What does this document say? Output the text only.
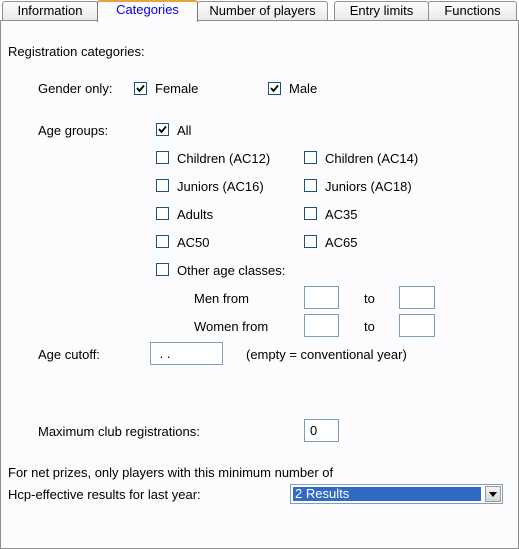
Information	Number of players	Entry limits	Functions
Categories
Registration categories:
Gender only:	Female	Male
Age groups:	All
Children (AC12)	Children (AC14)
Juniors (AC16)	Juniors (AC18)
Adults	AC35
AC50	AC65
Other age classes:
Men from	to
Women from	to
Age cutoff:
. .	(empty = conventional year)
Maximum club registrations:
0
For net prizes, only players with this minimum number of
Hcp-effective results for last year:	2 Results
